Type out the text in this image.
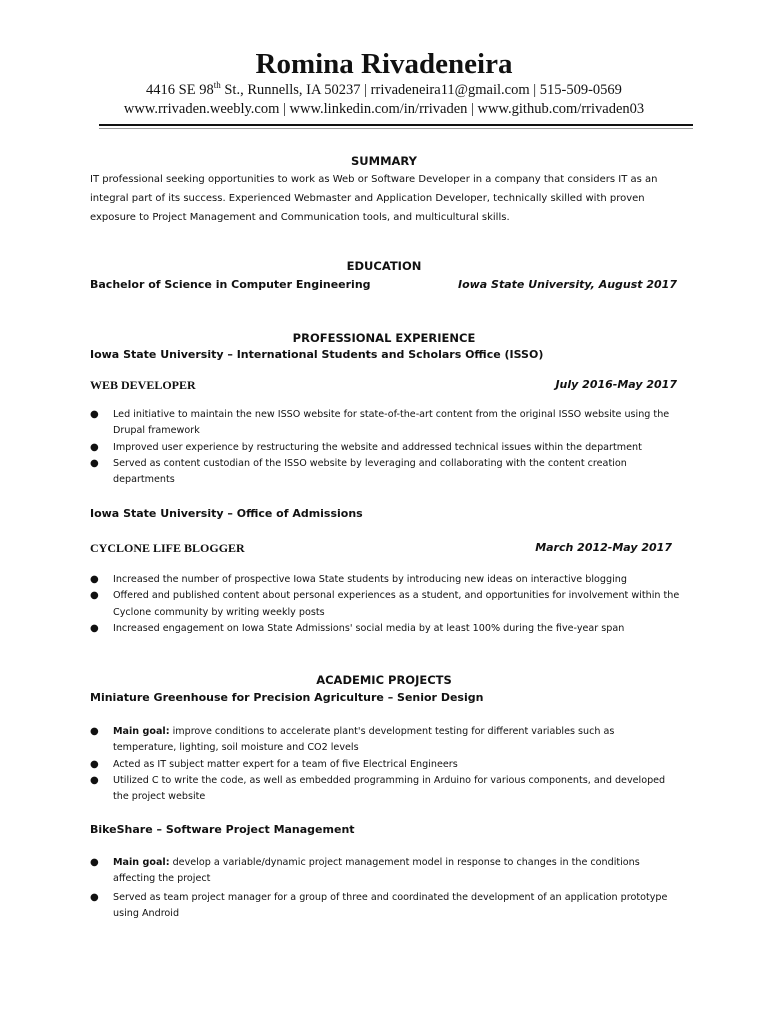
Romina Rivadeneira
4416 SE 98th St., Runnells, IA 50237 | rrivadeneira11@gmail.com | 515-509-0569
www.rrivaden.weebly.com | www.linkedin.com/in/rrivaden | www.github.com/rrivaden03
SUMMARY
IT professional seeking opportunities to work as Web or Software Developer in a company that considers IT as an integral part of its success. Experienced Webmaster and Application Developer, technically skilled with proven exposure to Project Management and Communication tools, and multicultural skills.
EDUCATION
Bachelor of Science in Computer Engineering	Iowa State University, August 2017
PROFESSIONAL EXPERIENCE
Iowa State University – International Students and Scholars Office (ISSO)
WEB DEVELOPER	July 2016-May 2017
● Led initiative to maintain the new ISSO website for state-of-the-art content from the original ISSO website using the Drupal framework
● Improved user experience by restructuring the website and addressed technical issues within the department
● Served as content custodian of the ISSO website by leveraging and collaborating with the content creation departments
Iowa State University – Office of Admissions
CYCLONE LIFE BLOGGER	March 2012-May 2017
● Increased the number of prospective Iowa State students by introducing new ideas on interactive blogging
● Offered and published content about personal experiences as a student, and opportunities for involvement within the Cyclone community by writing weekly posts
● Increased engagement on Iowa State Admissions' social media by at least 100% during the five-year span
ACADEMIC PROJECTS
Miniature Greenhouse for Precision Agriculture – Senior Design
● Main goal: improve conditions to accelerate plant's development testing for different variables such as temperature, lighting, soil moisture and CO2 levels
● Acted as IT subject matter expert for a team of five Electrical Engineers
● Utilized C to write the code, as well as embedded programming in Arduino for various components, and developed the project website
BikeShare – Software Project Management
● Main goal: develop a variable/dynamic project management model in response to changes in the conditions affecting the project
● Served as team project manager for a group of three and coordinated the development of an application prototype using Android
